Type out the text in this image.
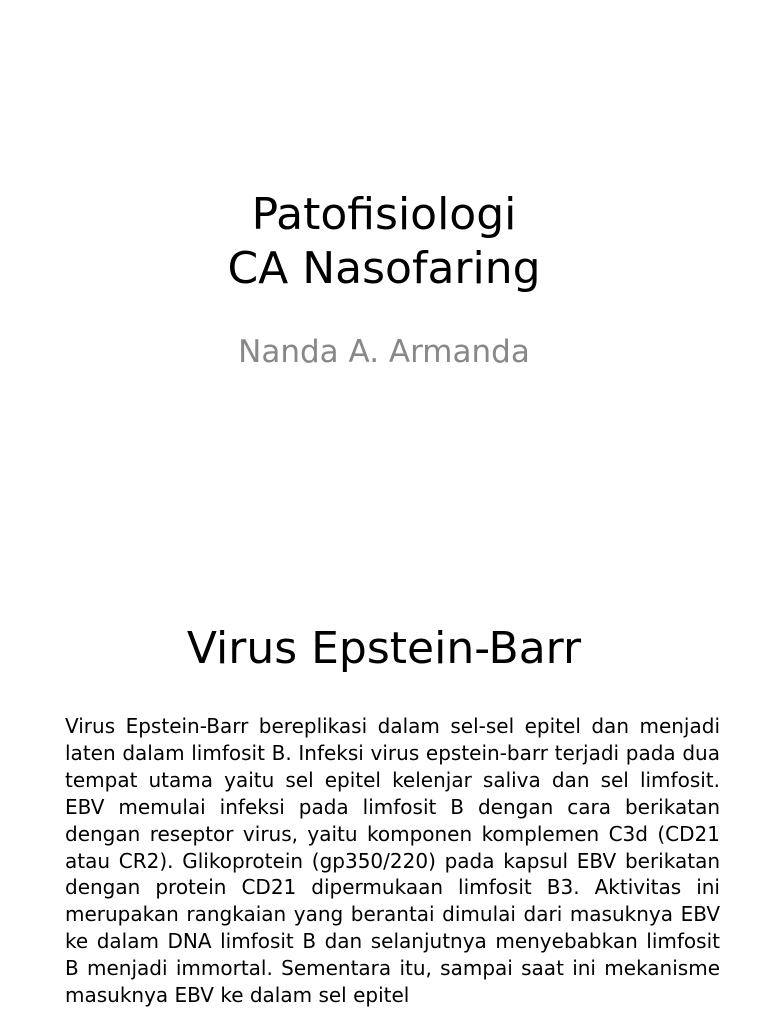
Patofisiologi
CA Nasofaring
Nanda A. Armanda
Virus Epstein-Barr

Virus Epstein-Barr bereplikasi dalam sel-sel epitel dan menjadi laten dalam limfosit B. Infeksi virus epstein-barr terjadi pada dua tempat utama yaitu sel epitel kelenjar saliva dan sel limfosit. EBV memulai infeksi pada limfosit B dengan cara berikatan dengan reseptor virus, yaitu komponen komplemen C3d (CD21 atau CR2). Glikoprotein (gp350/220) pada kapsul EBV berikatan dengan protein CD21 dipermukaan limfosit B3. Aktivitas ini merupakan rangkaian yang berantai dimulai dari masuknya EBV ke dalam DNA limfosit B dan selanjutnya menyebabkan limfosit B menjadi immortal. Sementara itu, sampai saat ini mekanisme masuknya EBV ke dalam sel epitel
